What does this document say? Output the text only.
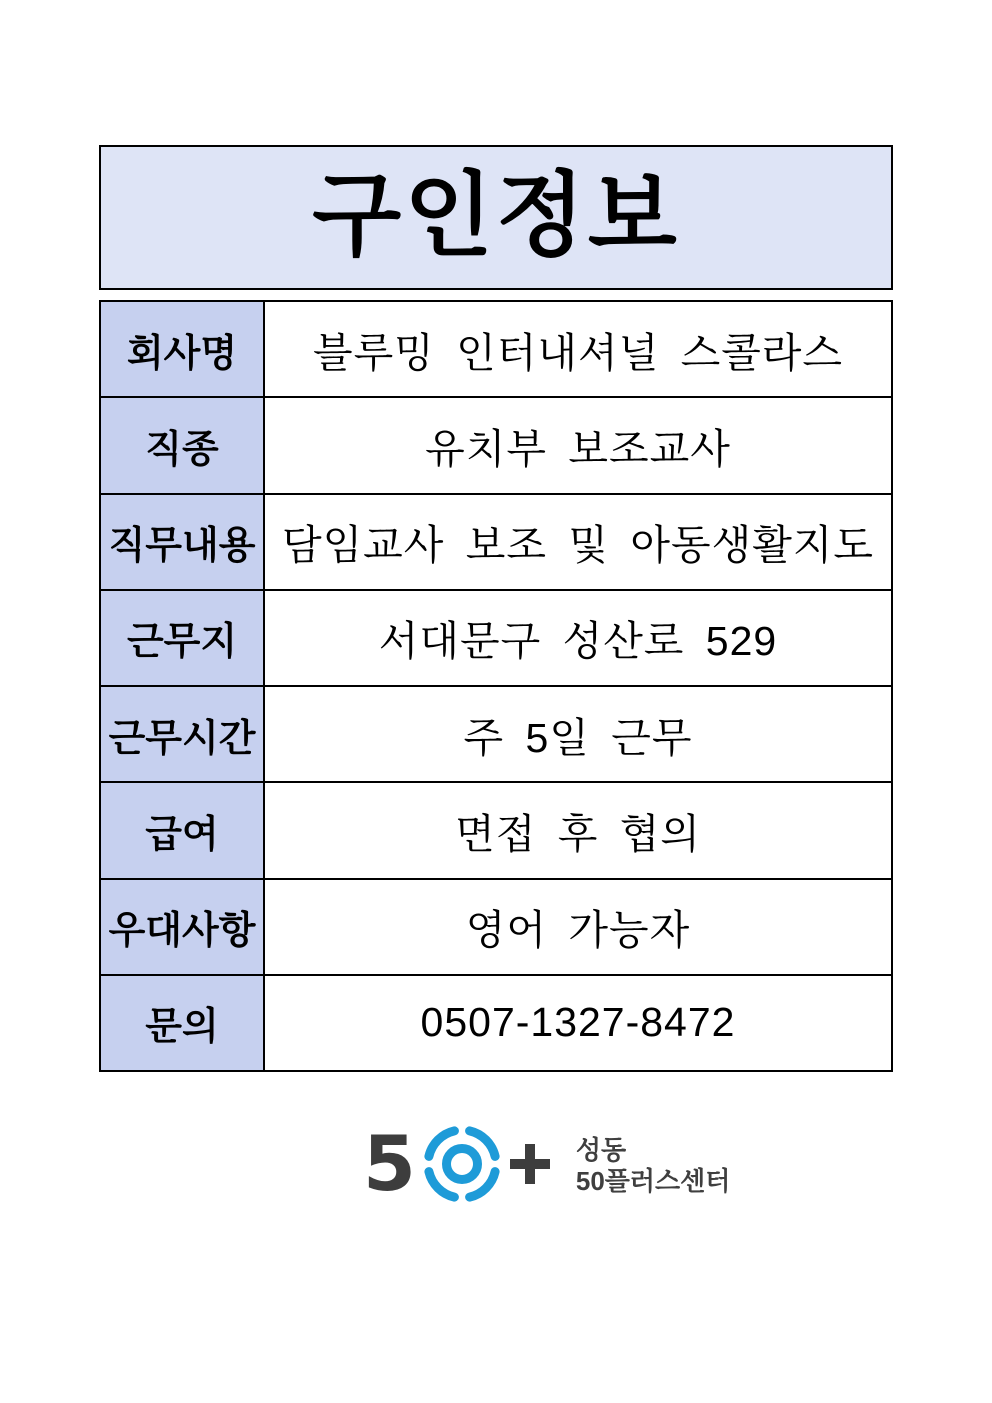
구인정보
회사명	블루밍 인터내셔널 스콜라스
직종	유치부 보조교사
직무내용	담임교사 보조 및 아동생활지도
근무지	서대문구 성산로 529
근무시간	주 5일 근무
급여	면접 후 협의
우대사항	영어 가능자
문의	0507-1327-8472
5	성동
50플러스센터
